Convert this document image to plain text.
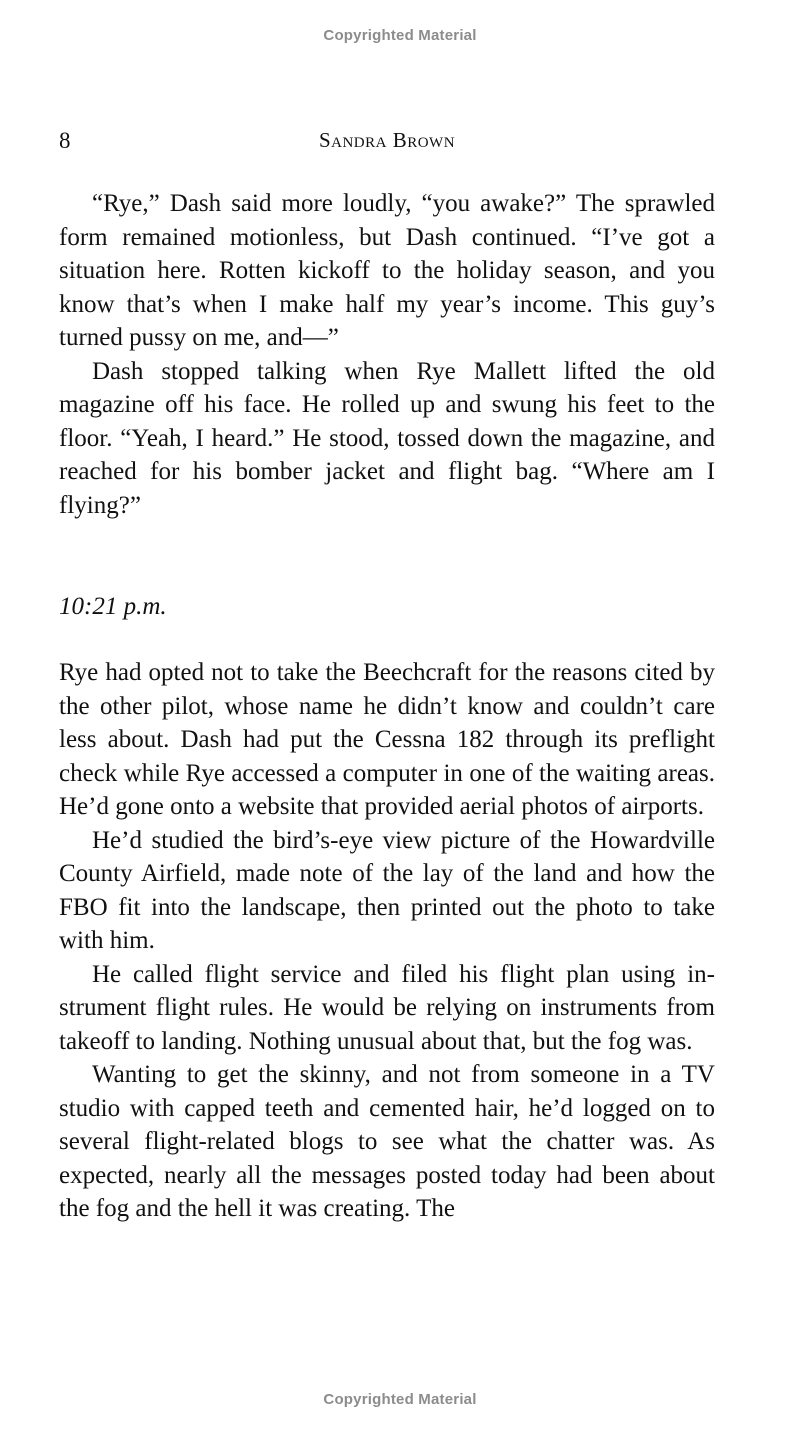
Copyrighted Material
8	Sandra Brown

“Rye,” Dash said more loudly, “you awake?” The sprawled form remained motionless, but Dash continued. “I’ve got a situation here. Rotten kickoff to the holiday season, and you know that’s when I make half my year’s income. This guy’s turned pussy on me, and—”

Dash stopped talking when Rye Mallett lifted the old magazine off his face. He rolled up and swung his feet to the floor. “Yeah, I heard.” He stood, tossed down the magazine, and reached for his bomber jacket and flight bag. “Where am I flying?”

10:21 p.m.

Rye had opted not to take the Beechcraft for the reasons cited by the other pilot, whose name he didn’t know and couldn’t care less about. Dash had put the Cessna 182 through its preflight check while Rye accessed a computer in one of the waiting areas. He’d gone onto a website that provided aerial photos of airports.

He’d studied the bird’s-eye view picture of the Howardville County Airfield, made note of the lay of the land and how the FBO fit into the landscape, then printed out the photo to take with him.

He called flight service and filed his flight plan using instrument flight rules. He would be relying on instruments from takeoff to landing. Nothing unusual about that, but the fog was.

Wanting to get the skinny, and not from someone in a TV studio with capped teeth and cemented hair, he’d logged on to several flight-related blogs to see what the chatter was. As expected, nearly all the messages posted today had been about the fog and the hell it was creating. The

Copyrighted Material
